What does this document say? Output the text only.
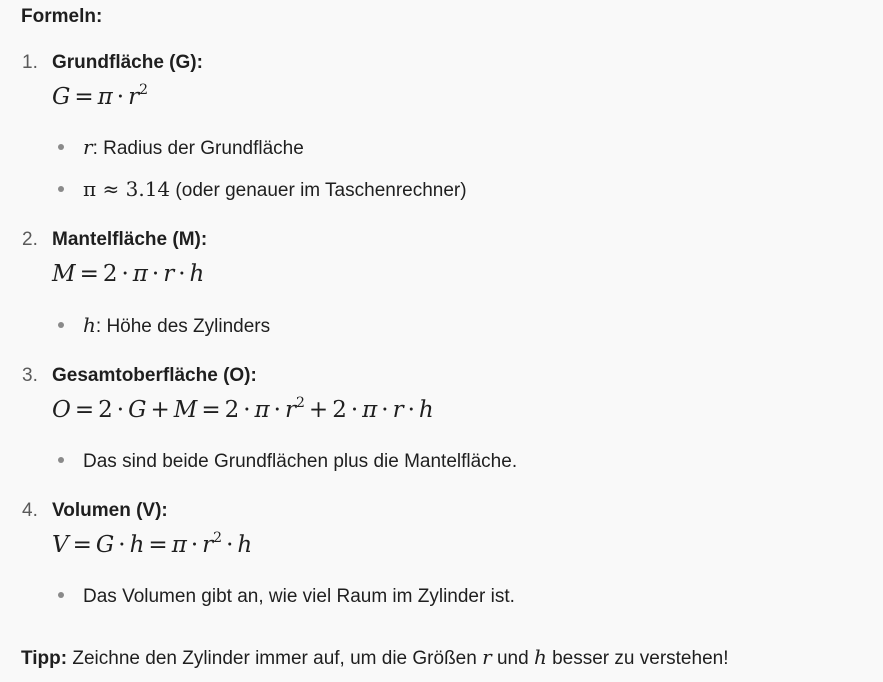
Formeln:
1. Grundfläche (G):
$G = \pi \cdot r^2$
r: Radius der Grundfläche
π ≈ 3.14 (oder genauer im Taschenrechner)
2. Mantelfläche (M):
M = 2 · π · r · h
h: Höhe des Zylinders
3. Gesamtoberfläche (O):
$O = 2 \cdot G + M = 2 \cdot \pi \cdot r^2 + 2 \cdot \pi \cdot r \cdot h$
Das sind beide Grundflächen plus die Mantelfläche.
4. Volumen (V):
$V = G \cdot h = \pi \cdot r^2 \cdot h$
Das Volumen gibt an, wie viel Raum im Zylinder ist.
Tipp: Zeichne den Zylinder immer auf, um die Größen r und h besser zu verstehen!
